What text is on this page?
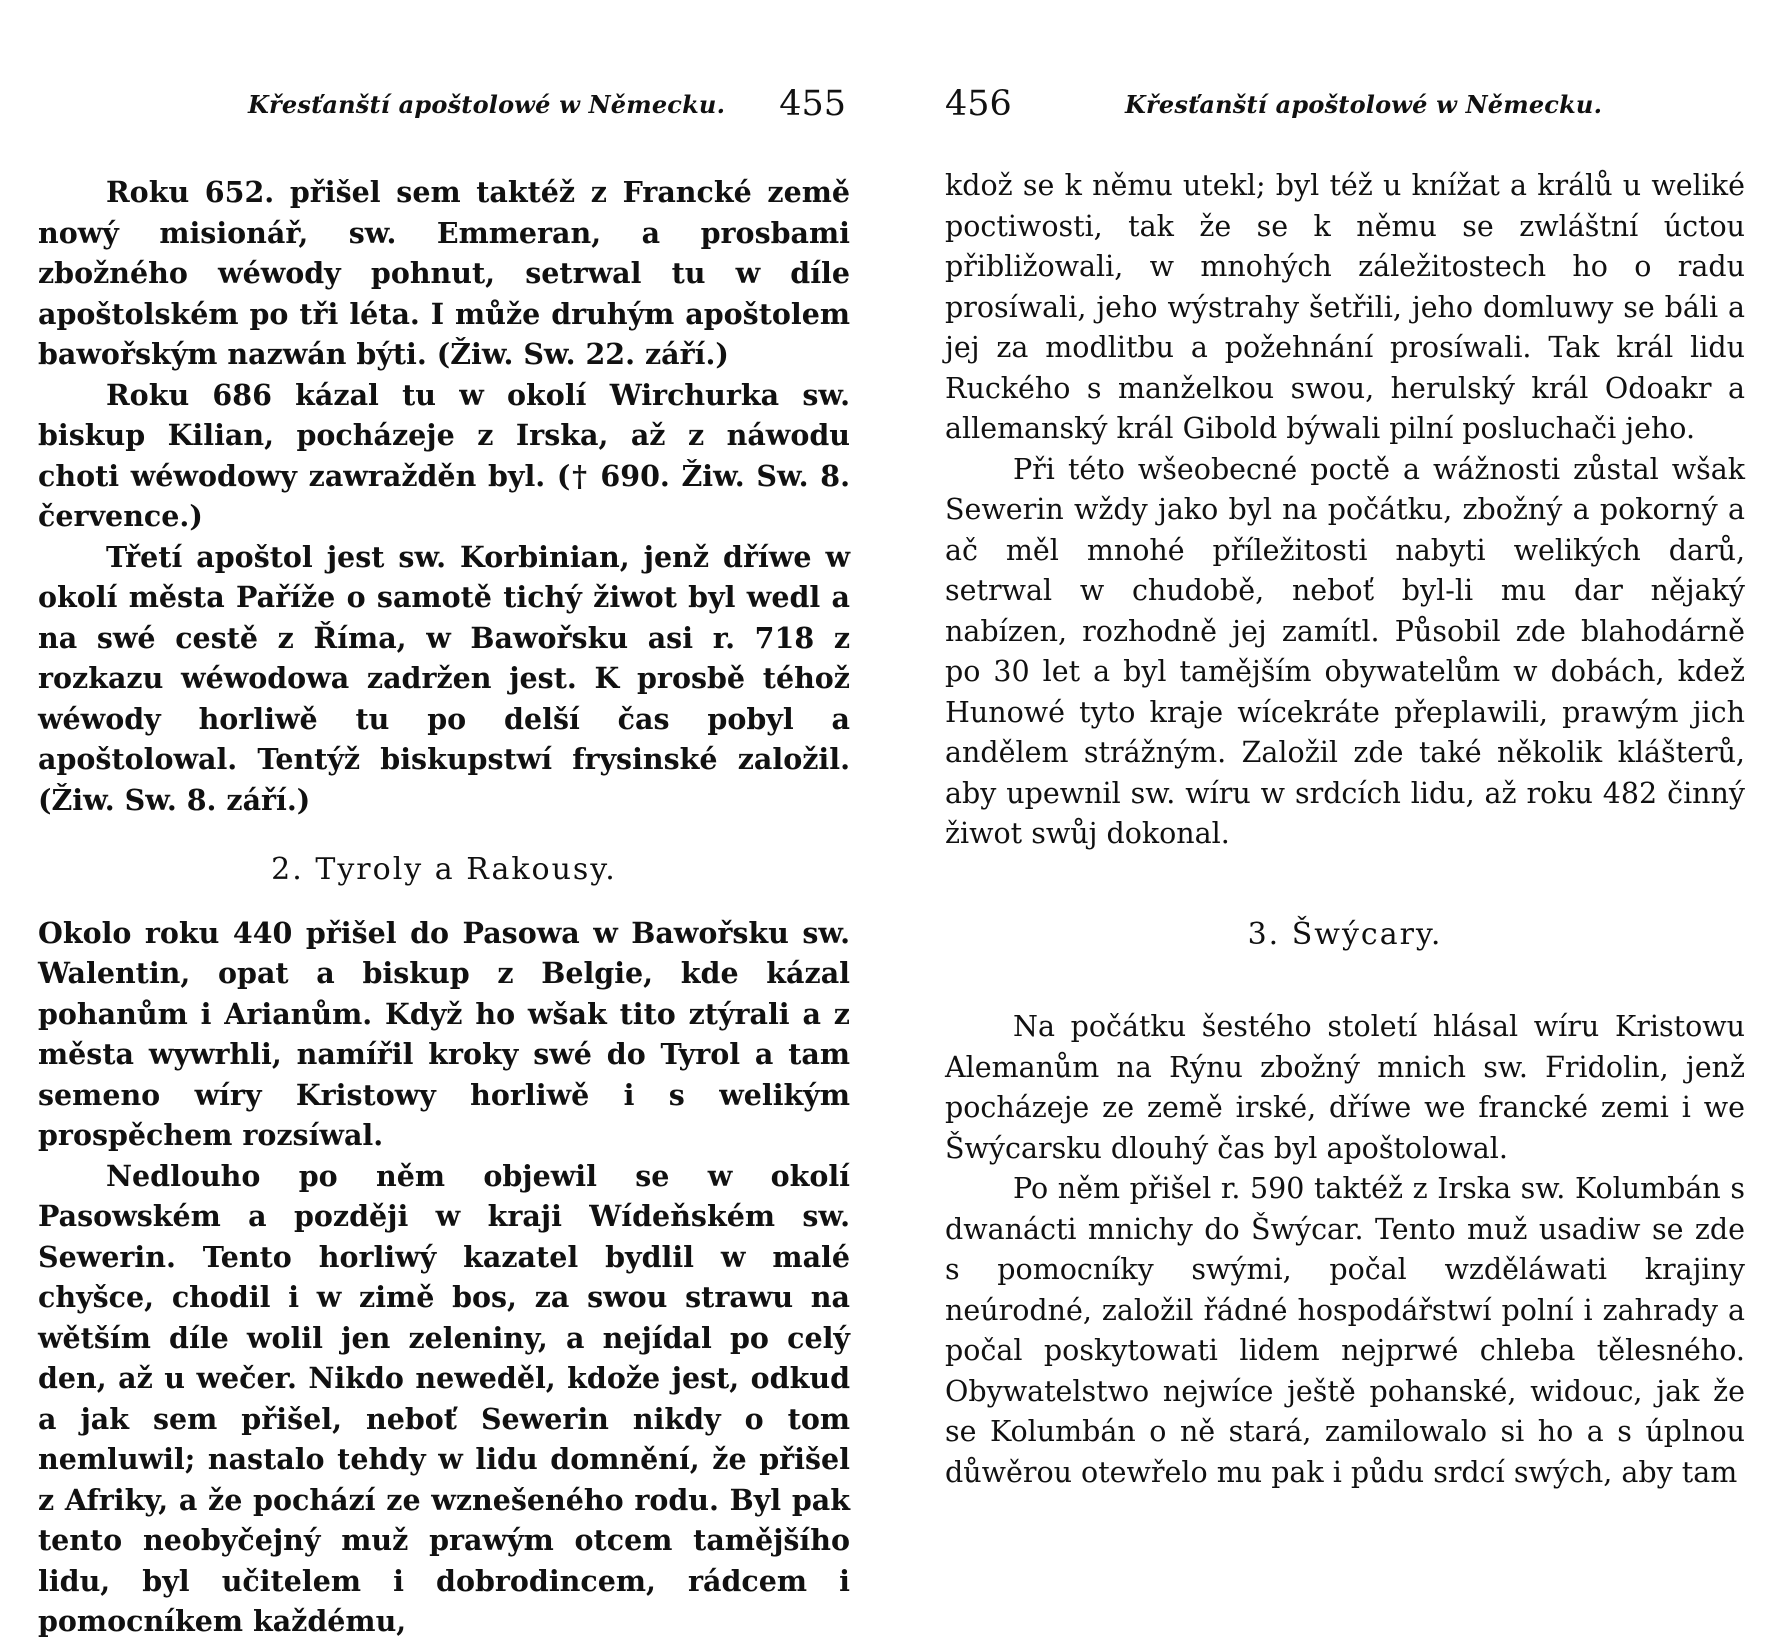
Křesťanští apoštolowé w Německu. 455

Roku 652. přišel sem taktéž z Francké země nowý misionář, sw. Emmeran, a prosbami zbožného wéwody pohnut, setrwal tu w díle apoštolském po tři léta. I může druhým apoštolem bawořským nazwán býti. (Žiw. Sw. 22. září.)

Roku 686 kázal tu w okolí Wirchurka sw. biskup Kilian, pocházeje z Irska, až z náwodu choti wéwodowy zawražděn byl. († 690. Žiw. Sw. 8. července.)

Třetí apoštol jest sw. Korbinian, jenž dříwe w okolí města Paříže o samotě tichý žiwot byl wedl a na swé cestě z Říma, w Bawořsku asi r. 718 z rozkazu wéwodowa zadržen jest. K prosbě téhož wéwody horliwě tu po delší čas pobyl a apoštolowal. Tentýž biskupstwí frysinské založil. (Žiw. Sw. 8. září.)

2. Tyroly a Rakousy.

Okolo roku 440 přišel do Pasowa w Bawořsku sw. Walentin, opat a biskup z Belgie, kde kázal pohanům i Arianům. Když ho wšak tito ztýrali a z města wywrhli, namířil kroky swé do Tyrol a tam semeno wíry Kristowy horliwě i s welikým prospěchem rozsíwal.

Nedlouho po něm objewil se w okolí Pasowském a později w kraji Wídeňském sw. Sewerin. Tento horliwý kazatel bydlil w malé chyšce, chodil i w zimě bos, za swou strawu na wětším díle wolil jen zeleniny, a nejídal po celý den, až u wečer. Nikdo neweděl, kdože jest, odkud a jak sem přišel, neboť Sewerin nikdy o tom nemluwil; nastalo tehdy w lidu domnění, že přišel z Afriky, a že pochází ze wznešeného rodu. Byl pak tento neobyčejný muž prawým otcem tamějšího lidu, byl učitelem i dobrodincem, rádcem i pomocníkem každému,

456	Křesťanští apoštolowé w Německu.

kdož se k němu utekl; byl též u knížat a králů u weliké poctiwosti, tak že se k němu se zwláštní úctou přibližowali, w mnohých záležitostech ho o radu prosíwali, jeho wýstrahy šetřili, jeho domluwy se báli a jej za modlitbu a požehnání prosíwali. Tak král lidu Ruckého s manželkou swou, herulský král Odoakr a allemanský král Gibold býwali pilní posluchači jeho.

Při této wšeobecné poctě a wážnosti zůstal wšak Sewerin wždy jako byl na počátku, zbožný a pokorný a ač měl mnohé příležitosti nabyti welikých darů, setrwal w chudobě, neboť byl-li mu dar nějaký nabízen, rozhodně jej zamítl. Působil zde blahodárně po 30 let a byl tamějším obywatelům w dobách, kdež Hunowé tyto kraje wícekráte přeplawili, prawým jich andělem strážným. Založil zde také několik klášterů, aby upewnil sw. wíru w srdcích lidu, až roku 482 činný žiwot swůj dokonal.

3. Šwýcary.

Na počátku šestého století hlásal wíru Kristowu Alemanům na Rýnu zbožný mnich sw. Fridolin, jenž pocházeje ze země irské, dříwe we francké zemi i we Šwýcarsku dlouhý čas byl apoštolowal.

Po něm přišel r. 590 taktéž z Irska sw. Kolumbán s dwanácti mnichy do Šwýcar. Tento muž usadiw se zde s pomocníky swými, počal wzděláwati krajiny neúrodné, založil řádné hospodářstwí polní i zahrady a počal poskytowati lidem nejprwé chleba tělesného. Obywatelstwo nejwíce ještě pohanské, widouc, jak že se Kolumbán o ně stará, zamilowalo si ho a s úplnou důwěrou otewřelo mu pak i půdu srdcí swých, aby tam
